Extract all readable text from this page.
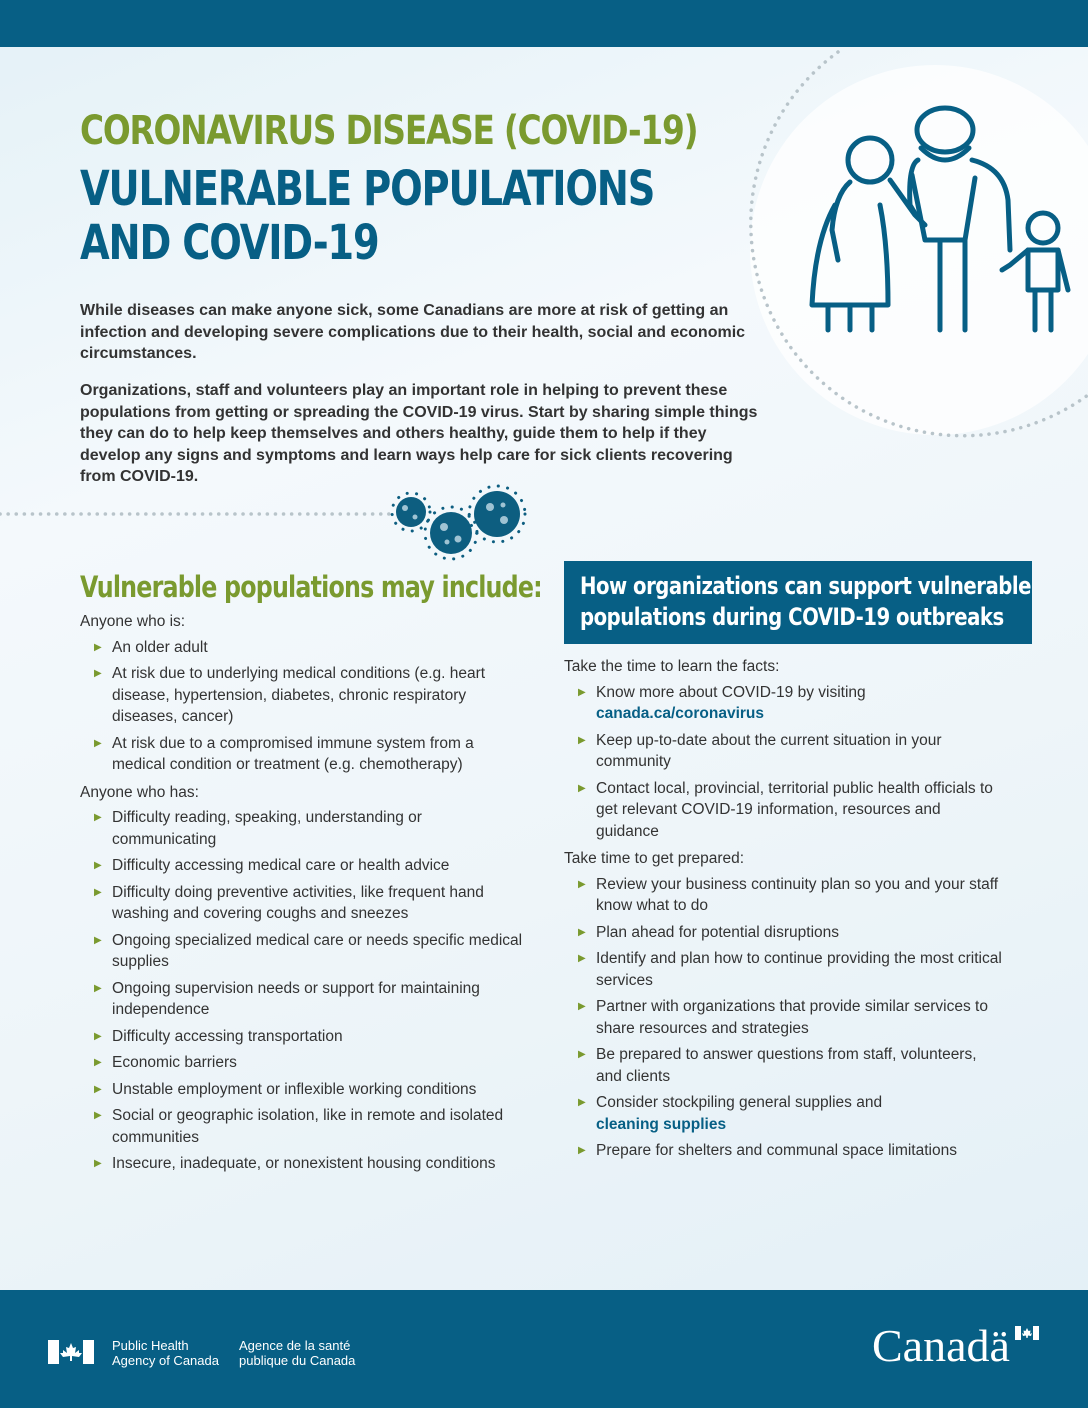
CORONAVIRUS DISEASE (COVID-19)
VULNERABLE POPULATIONS
AND COVID-19

While diseases can make anyone sick, some Canadians are more at risk of getting an infection and developing severe complications due to their health, social and economic circumstances.

Organizations, staff and volunteers play an important role in helping to prevent these populations from getting or spreading the COVID-19 virus. Start by sharing simple things they can do to help keep themselves and others healthy, guide them to help if they develop any signs and symptoms and learn ways help care for sick clients recovering from COVID-19.

Vulnerable populations may include:

Anyone who is:

▶ An older adult
▶ At risk due to underlying medical conditions (e.g. heart disease, hypertension, diabetes, chronic respiratory diseases, cancer)
▶ At risk due to a compromised immune system from a medical condition or treatment (e.g. chemotherapy)

Anyone who has:

▶ Difficulty reading, speaking, understanding or communicating
▶ Difficulty accessing medical care or health advice
▶ Difficulty doing preventive activities, like frequent hand washing and covering coughs and sneezes
▶ Ongoing specialized medical care or needs specific medical supplies
▶ Ongoing supervision needs or support for maintaining independence
▶ Difficulty accessing transportation
▶ Economic barriers
▶ Unstable employment or inflexible working conditions
▶ Social or geographic isolation, like in remote and isolated communities
▶ Insecure, inadequate, or nonexistent housing conditions

How organizations can support vulnerable

populations during COVID-19 outbreaks

Take the time to learn the facts:

▶ Know more about COVID-19 by visiting
canada.ca/coronavirus
▶ Keep up-to-date about the current situation in your community
▶ Contact local, provincial, territorial public health officials to get relevant COVID-19 information, resources and guidance

Take time to get prepared:

▶ Review your business continuity plan so you and your staff know what to do
▶ Plan ahead for potential disruptions
▶ Identify and plan how to continue providing the most critical services
▶ Partner with organizations that provide similar services to share resources and strategies
▶ Be prepared to answer questions from staff, volunteers, and clients
▶ Consider stockpiling general supplies and
cleaning supplies
▶ Prepare for shelters and communal space limitations

Public Health
Agency of Canada

Agence de la santé
publique du Canada	Canadä
